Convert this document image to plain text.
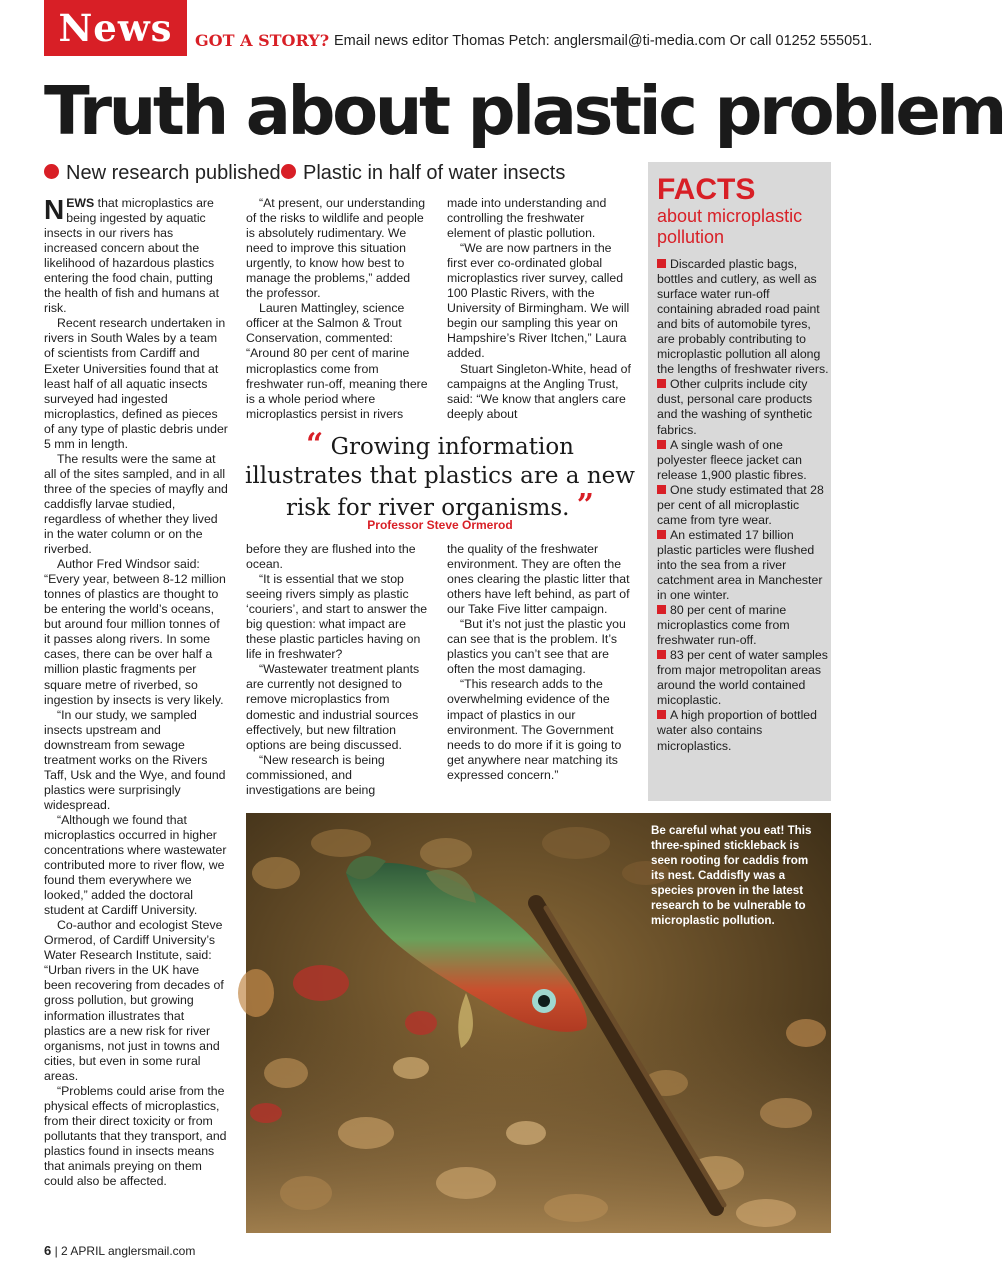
News	GOT A STORY? Email news editor Thomas Petch: anglersmail@ti-media.com Or call 01252 555051.
Truth about plastic problem
New research published	Plastic in half of water insects

NEWS that microplastics are being ingested by aquatic insects in our rivers has increased concern about the likelihood of hazardous plastics entering the food chain, putting the health of fish and humans at risk.

Recent research undertaken in rivers in South Wales by a team of scientists from Cardiff and Exeter Universities found that at least half of all aquatic insects surveyed had ingested microplastics, defined as pieces of any type of plastic debris under 5 mm in length.

The results were the same at all of the sites sampled, and in all three of the species of mayfly and caddisfly larvae studied, regardless of whether they lived in the water column or on the riverbed.

Author Fred Windsor said: “Every year, between 8-12 million tonnes of plastics are thought to be entering the world’s oceans, but around four million tonnes of it passes along rivers. In some cases, there can be over half a million plastic fragments per square metre of riverbed, so ingestion by insects is very likely.

“In our study, we sampled insects upstream and downstream from sewage treatment works on the Rivers Taff, Usk and the Wye, and found plastics were surprisingly widespread.

“Although we found that microplastics occurred in higher concentrations where wastewater contributed more to river flow, we found them everywhere we looked,” added the doctoral student at Cardiff University.

Co-author and ecologist Steve Ormerod, of Cardiff University’s Water Research Institute, said: “Urban rivers in the UK have been recovering from decades of gross pollution, but growing information illustrates that plastics are a new risk for river organisms, not just in towns and cities, but even in some rural areas.

“Problems could arise from the physical effects of microplastics, from their direct toxicity or from pollutants that they transport, and plastics found in insects means that animals preying on them could also be affected.

“At present, our understanding of the risks to wildlife and people is absolutely rudimentary. We need to improve this situation urgently, to know how best to manage the problems,” added the professor.

Lauren Mattingley, science officer at the Salmon & Trout Conservation, commented: “Around 80 per cent of marine microplastics come from freshwater run-off, meaning there is a whole period where microplastics persist in rivers

made into understanding and controlling the freshwater element of plastic pollution.

“We are now partners in the first ever co-ordinated global microplastics river survey, called 100 Plastic Rivers, with the University of Birmingham. We will begin our sampling this year on Hampshire’s River Itchen,” Laura added.

Stuart Singleton-White, head of campaigns at the Angling Trust, said: “We know that anglers care deeply about

“ Growing information illustrates that plastics are a new risk for river organisms. ”
Professor Steve Ormerod

before they are flushed into the ocean.

“It is essential that we stop seeing rivers simply as plastic ‘couriers’, and start to answer the big question: what impact are these plastic particles having on life in freshwater?

“Wastewater treatment plants are currently not designed to remove microplastics from domestic and industrial sources effectively, but new filtration options are being discussed.

“New research is being commissioned, and investigations are being

the quality of the freshwater environment. They are often the ones clearing the plastic litter that others have left behind, as part of our Take Five litter campaign.

“But it’s not just the plastic you can see that is the problem. It’s plastics you can’t see that are often the most damaging.

“This research adds to the overwhelming evidence of the impact of plastics in our environment. The Government needs to do more if it is going to get anywhere near matching its expressed concern.”

FACTS
about microplastic pollution

Discarded plastic bags, bottles and cutlery, as well as surface water run-off containing abraded road paint and bits of automobile tyres, are probably contributing to microplastic pollution all along the lengths of freshwater rivers.

Other culprits include city dust, personal care products and the washing of synthetic fabrics.

A single wash of one polyester fleece jacket can release 1,900 plastic fibres.

One study estimated that 28 per cent of all microplastic came from tyre wear.

An estimated 17 billion plastic particles were flushed into the sea from a river catchment area in Manchester in one winter.

80 per cent of marine microplastics come from freshwater run-off.

83 per cent of water samples from major metropolitan areas around the world contained micoplastic.

A high proportion of bottled water also contains microplastics.

Be careful what you eat! This three-spined stickleback is seen rooting for caddis from its nest. Caddisfly was a species proven in the latest research to be vulnerable to microplastic pollution.
6 | 2 APRIL anglersmail.com
